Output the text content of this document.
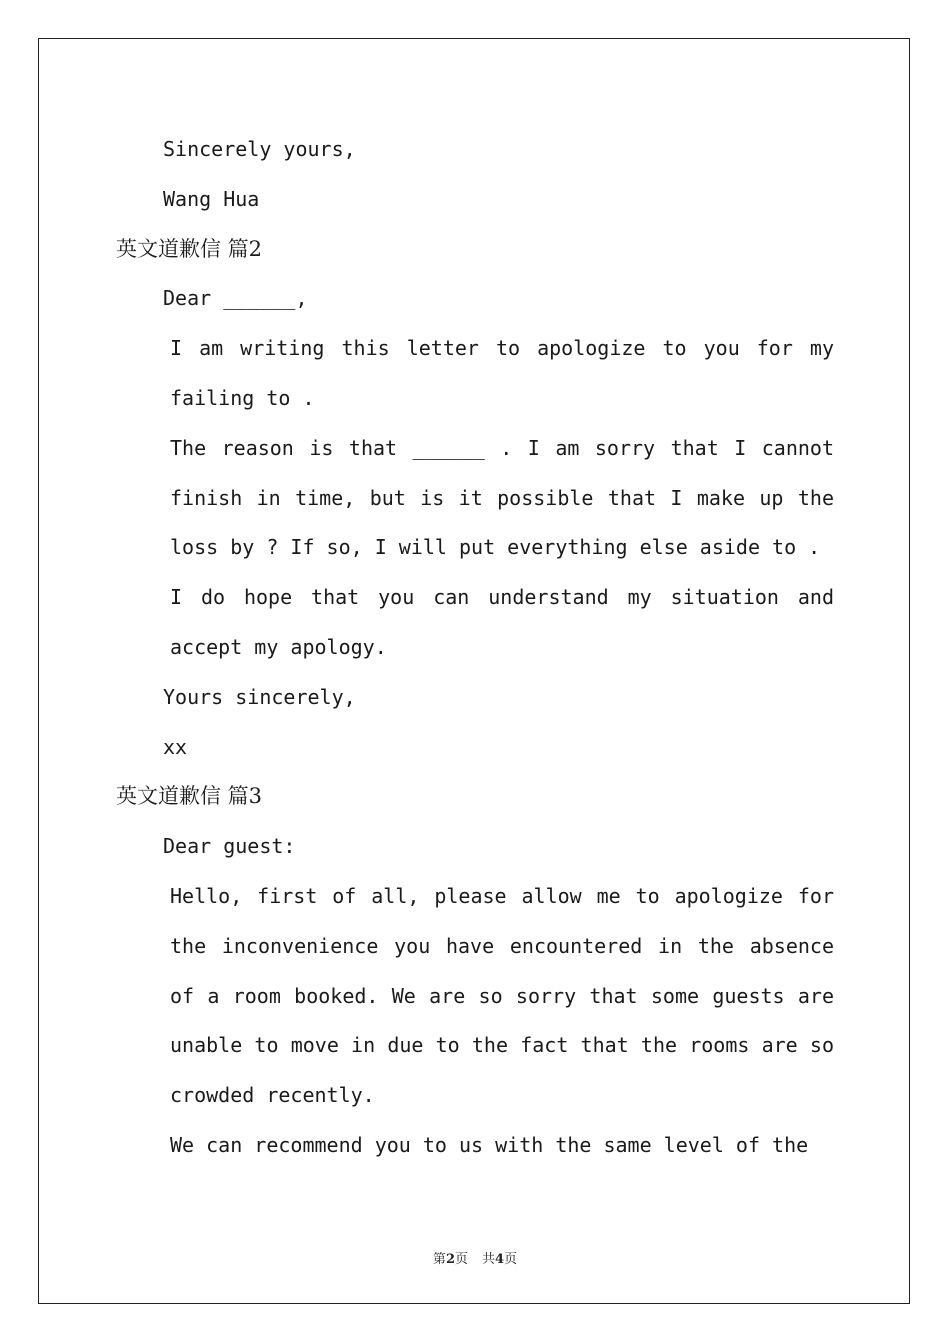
Sincerely yours,

Wang Hua

英文道歉信 篇2

Dear ______,

I am writing this letter to apologize to you for my failing to .

The reason is that ______ . I am sorry that I cannot finish in time, but is it possible that I make up the loss by ? If so, I will put everything else aside to .

I do hope that you can understand my situation and accept my apology.

Yours sincerely,

xx

英文道歉信 篇3

Dear guest:

Hello, first of all, please allow me to apologize for the inconvenience you have encountered in the absence of a room booked. We are so sorry that some guests are unable to move in due to the fact that the rooms are so crowded recently.

We can recommend you to us with the same level of the

第2页 共4页
